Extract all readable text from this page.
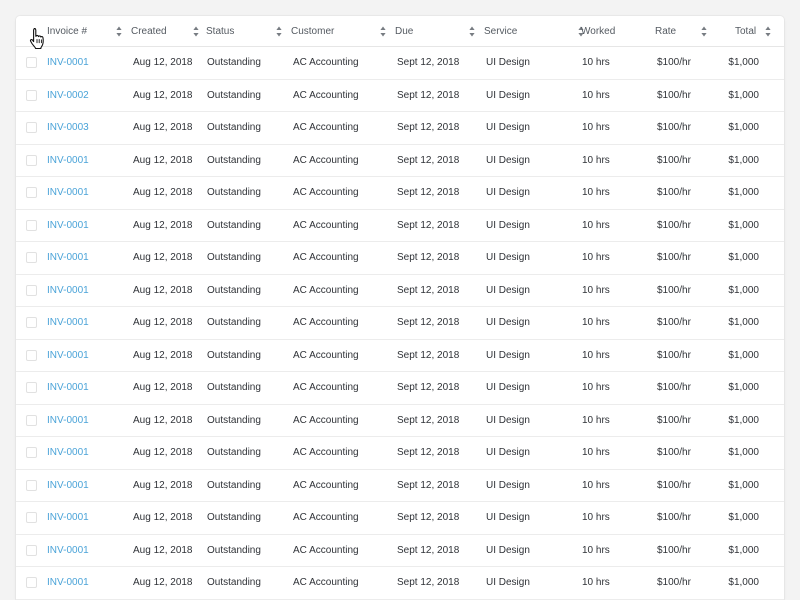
Invoice #	Created	Status	Customer	Due	Service	Worked	Rate	Total
INV-0001	Aug 12, 2018 Outstanding	AC Accounting	Sept 12, 2018	UI Design	10 hrs	$100/hr	$1,000
INV-0002	Aug 12, 2018 Outstanding	AC Accounting	Sept 12, 2018	UI Design	10 hrs	$100/hr	$1,000
INV-0003	Aug 12, 2018 Outstanding	AC Accounting	Sept 12, 2018	UI Design	10 hrs	$100/hr	$1,000
INV-0001	Aug 12, 2018 Outstanding	AC Accounting	Sept 12, 2018	UI Design	10 hrs	$100/hr	$1,000
INV-0001	Aug 12, 2018 Outstanding	AC Accounting	Sept 12, 2018	UI Design	10 hrs	$100/hr	$1,000
INV-0001	Aug 12, 2018 Outstanding	AC Accounting	Sept 12, 2018	UI Design	10 hrs	$100/hr	$1,000
INV-0001	Aug 12, 2018 Outstanding	AC Accounting	Sept 12, 2018	UI Design	10 hrs	$100/hr	$1,000
INV-0001	Aug 12, 2018 Outstanding	AC Accounting	Sept 12, 2018	UI Design	10 hrs	$100/hr	$1,000
INV-0001	Aug 12, 2018 Outstanding	AC Accounting	Sept 12, 2018	UI Design	10 hrs	$100/hr	$1,000
INV-0001	Aug 12, 2018 Outstanding	AC Accounting	Sept 12, 2018	UI Design	10 hrs	$100/hr	$1,000
INV-0001	Aug 12, 2018 Outstanding	AC Accounting	Sept 12, 2018	UI Design	10 hrs	$100/hr	$1,000
INV-0001	Aug 12, 2018 Outstanding	AC Accounting	Sept 12, 2018	UI Design	10 hrs	$100/hr	$1,000
INV-0001	Aug 12, 2018 Outstanding	AC Accounting	Sept 12, 2018	UI Design	10 hrs	$100/hr	$1,000
INV-0001	Aug 12, 2018 Outstanding	AC Accounting	Sept 12, 2018	UI Design	10 hrs	$100/hr	$1,000
INV-0001	Aug 12, 2018 Outstanding	AC Accounting	Sept 12, 2018	UI Design	10 hrs	$100/hr	$1,000
INV-0001	Aug 12, 2018 Outstanding	AC Accounting	Sept 12, 2018	UI Design	10 hrs	$100/hr	$1,000
INV-0001	Aug 12, 2018 Outstanding	AC Accounting	Sept 12, 2018	UI Design	10 hrs	$100/hr	$1,000
